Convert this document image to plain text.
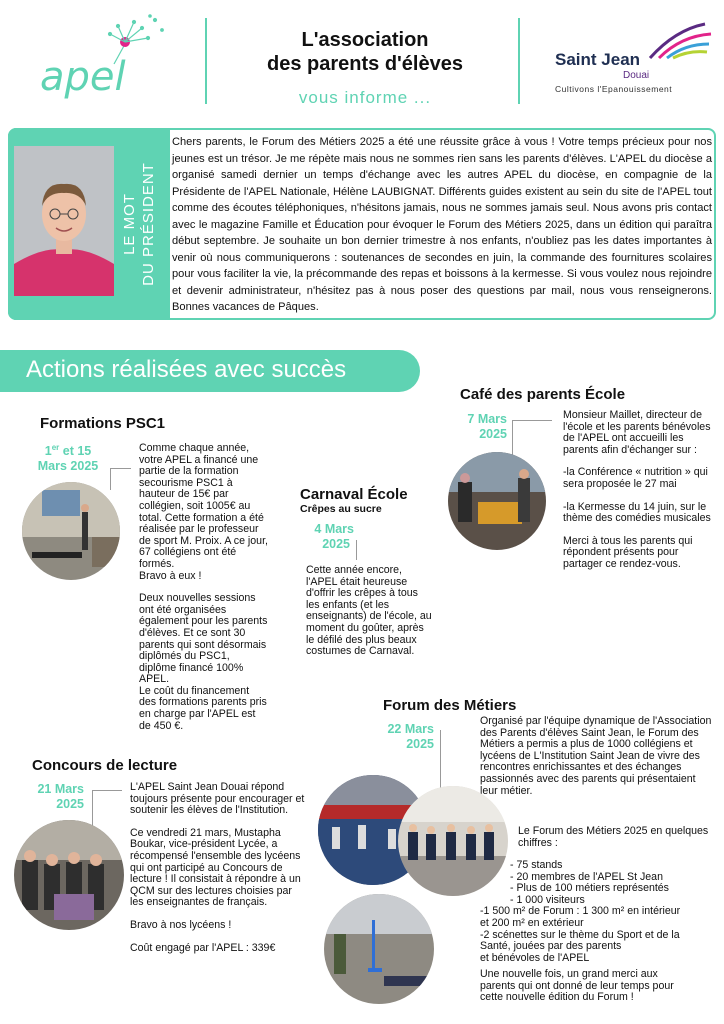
apel
L'association
des parents d'élèves
vous informe ...
Saint Jean
Douai
Cultivons l'Epanouissement
LE MOT DU PRÉSIDENT

Chers parents, le Forum des Métiers 2025 a été une réussite grâce à vous ! Votre temps précieux pour nos jeunes est un trésor. Je me répète mais nous ne sommes rien sans les parents d'élèves. L'APEL du diocèse a organisé samedi dernier un temps d'échange avec les autres APEL du diocèse, en compagnie de la Présidente de l'APEL Nationale, Hélène LAUBIGNAT. Différents guides existent au sein du site de l'APEL tout comme des écoutes téléphoniques, n'hésitons jamais, nous ne sommes jamais seul. Nous avons pris contact avec le magazine Famille et Éducation pour évoquer le Forum des Métiers 2025, dans un édition qui paraîtra début septembre. Je souhaite un bon dernier trimestre à nos enfants, n'oubliez pas les dates importantes à venir où nous communiquerons : soutenances de secondes en juin, la commande des fournitures scolaires pour vous faciliter la vie, la précommande des repas et boissons à la kermesse. Si vous voulez nous rejoindre et devenir administrateur, n'hésitez pas à nous poser des questions par mail, nous vous renseignerons. Bonnes vacances de Pâques.

Actions réalisées avec succès
Formations PSC1
1er et 15
Mars 2025

Comme chaque année, votre APEL a financé une partie de la formation secourisme PSC1 à hauteur de 15€ par collégien, soit 1005€ au total. Cette formation a été réalisée par le professeur de sport M. Proix. A ce jour, 67 collégiens ont été formés.

Bravo à eux !

Deux nouvelles sessions ont été organisées également pour les parents d'élèves. Et ce sont 30 parents qui sont désormais diplômés du PSC1, diplôme financé 100% APEL.

Le coût du financement des formations parents pris en charge par l'APEL est de 450 €.

Carnaval École
Crêpes au sucre
4 Mars
2025
Cette année encore, l'APEL était heureuse d'offrir les crêpes à tous les enfants (et les enseignants) de l'école, au moment du goûter, après le défilé des plus beaux costumes de Carnaval.
Café des parents École
7 Mars
2025

Monsieur Maillet, directeur de l'école et les parents bénévoles de l'APEL ont accueilli les parents afin d'échanger sur :

-la Conférence « nutrition » qui sera proposée le 27 mai

-la Kermesse du 14 juin, sur le thème des comédies musicales

Merci à tous les parents qui répondent présents pour partager ce rendez-vous.

Concours de lecture
21 Mars
2025

L'APEL Saint Jean Douai répond toujours présente pour encourager et soutenir les élèves de l'Institution.

Ce vendredi 21 mars, Mustapha Boukar, vice-président Lycée, a récompensé l'ensemble des lycéens qui ont participé au Concours de lecture ! Il consistait à répondre à un QCM sur des lectures choisies par les enseignantes de français.

Bravo à nos lycéens !

Coût engagé par l'APEL : 339€

Forum des Métiers
22 Mars
2025
Organisé par l'équipe dynamique de l'Association des Parents d'élèves Saint Jean, le Forum des Métiers a permis a plus de 1000 collégiens et lycéens de L'Institution Saint Jean de vivre des rencontres enrichissantes et des échanges passionnés avec des parents qui présentaient leur métier.

Le Forum des Métiers 2025 en quelques chiffres :

- 75 stands
- 20 membres de l'APEL St Jean
- Plus de 100 métiers représentés
- 1 000 visiteurs
-1 500 m² de Forum : 1 300 m² en intérieur
et 200 m² en extérieur
-2 scénettes sur le thème du Sport et de la
Santé, jouées par des parents
et bénévoles de l'APEL
Une nouvelle fois, un grand merci aux parents qui ont donné de leur temps pour cette nouvelle édition du Forum !
